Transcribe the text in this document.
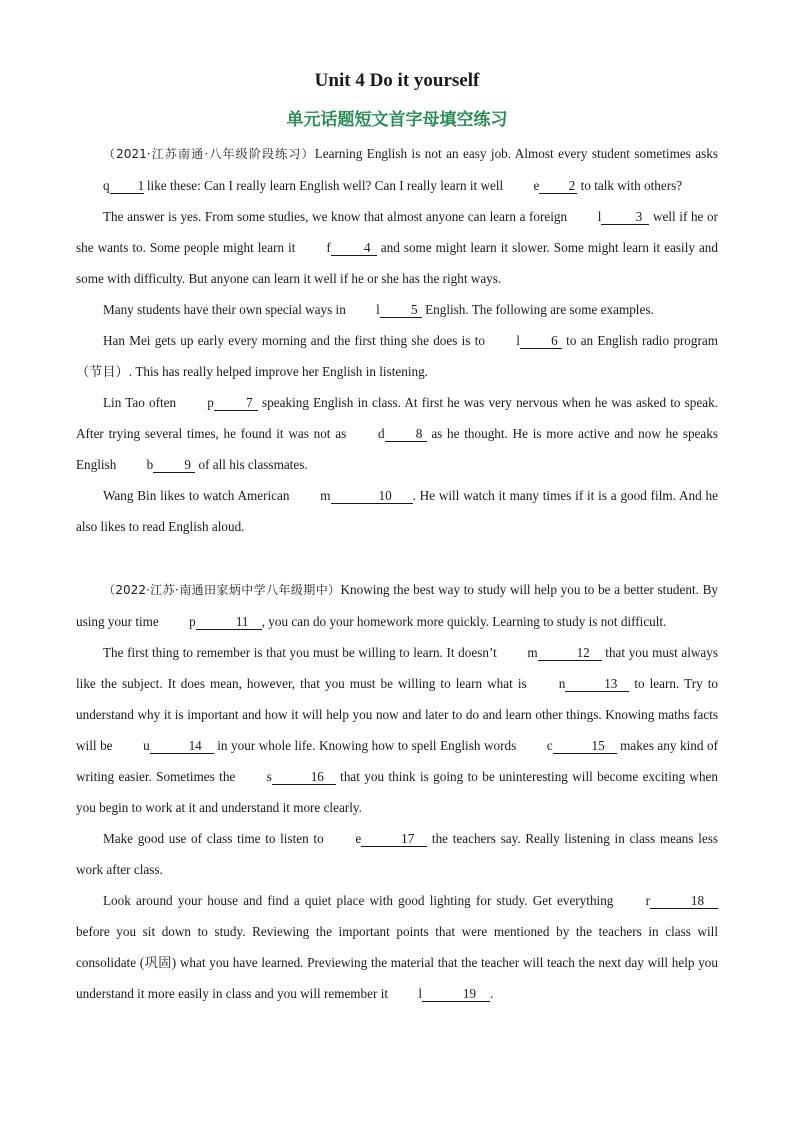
Unit 4 Do it yourself
单元话题短文首字母填空练习

（2021·江苏南通·八年级阶段练习）Learning English is not an easy job. Almost every student sometimes asks q 1 like these: Can I really learn English well? Can I really learn it well e 2 to talk with others?

The answer is yes. From some studies, we know that almost anyone can learn a foreign l	3 well if he or she wants to. Some people might learn it f	4 and some might learn it slower. Some might learn it easily and some with difficulty. But anyone can learn it well if he or she has the right ways.

Many students have their own special ways in l 5 English. The following are some examples.

Han Mei gets up early every morning and the first thing she does is to l 6 to an English radio program（节目）. This has really helped improve her English in listening.

Lin Tao often p 7 speaking English in class. At first he was very nervous when he was asked to speak. After trying several times, he found it was not as d 8 as he thought. He is more active and now he speaks English b 9 of all his classmates.

Wang Bin likes to watch American m	10 . He will watch it many times if it is a good film. And he also likes to read English aloud.

（2022·江苏·南通田家炳中学八年级期中）Knowing the best way to study will help you to be a better student. By using your time p	11 , you can do your homework more quickly. Learning to study is not difficult.

The first thing to remember is that you must be willing to learn. It doesn’t m	12 that you must always like the subject. It does mean, however, that you must be willing to learn what is n	13 to learn. Try to understand why it is important and how it will help you now and later to do and learn other things. Knowing maths facts will be u	14 in your whole life. Knowing how to spell English words c	15 makes any kind of writing easier. Sometimes the s	16 that you think is going to be uninteresting will become exciting when you begin to work at it and understand it more clearly.

Make good use of class time to listen to e	17 the teachers say. Really listening in class means less work after class.

Look around your house and find a quiet place with good lighting for study. Get everything r	18 before you sit down to study. Reviewing the important points that were mentioned by the teachers in class will consolidate (巩固) what you have learned. Previewing the material that the teacher will teach the next day will help you understand it more easily in class and you will remember it l	19 .
